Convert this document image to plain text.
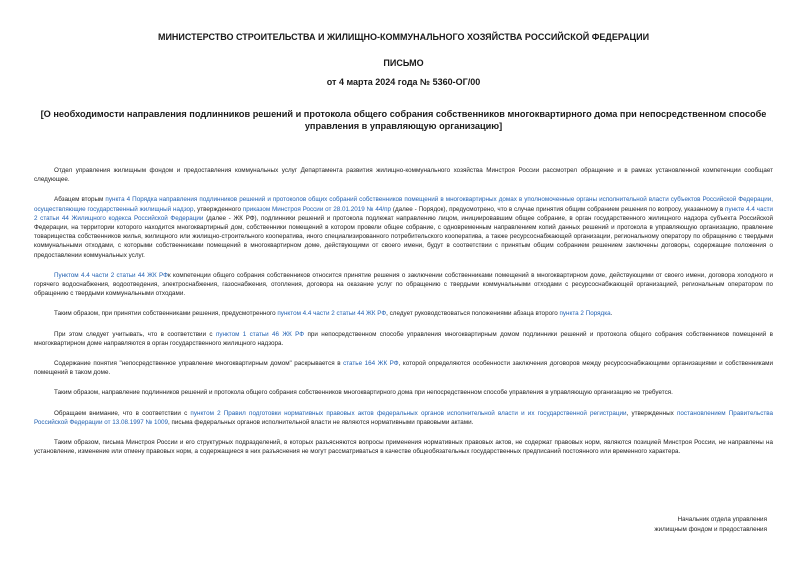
МИНИСТЕРСТВО СТРОИТЕЛЬСТВА И ЖИЛИЩНО-КОММУНАЛЬНОГО ХОЗЯЙСТВА РОССИЙСКОЙ ФЕДЕРАЦИИ
ПИСЬМО
от 4 марта 2024 года № 5360-ОГ/00
[О необходимости направления подлинников решений и протокола общего собрания собственников многоквартирного дома при непосредственном способе управления в управляющую организацию]

Отдел управления жилищным фондом и предоставления коммунальных услуг Департамента развития жилищно-коммунального хозяйства Минстроя России рассмотрел обращение и в рамках установленной компетенции сообщает следующее.

Абзацем вторым пункта 4 Порядка направления подлинников решений и протоколов общих собраний собственников помещений в многоквартирных домах в уполномоченные органы исполнительной власти субъектов Российской Федерации, осуществляющие государственный жилищный надзор, утвержденного приказом Минстроя России от 28.01.2019 № 44/пр (далее - Порядок), предусмотрено, что в случае принятия общим собранием решения по вопросу, указанному в пункте 4.4 части 2 статьи 44 Жилищного кодекса Российской Федерации (далее - ЖК РФ), подлинники решений и протокола подлежат направлению лицом, инициировавшим общее собрание, в орган государственного жилищного надзора субъекта Российской Федерации, на территории которого находится многоквартирный дом, собственники помещений в котором провели общее собрание, с одновременным направлением копий данных решений и протокола в управляющую организацию, правление товарищества собственников жилья, жилищного или жилищно-строительного кооператива, иного специализированного потребительского кооператива, а также ресурсоснабжающей организации, региональному оператору по обращению с твердыми коммунальными отходами, с которыми собственниками помещений в многоквартирном доме, действующими от своего имени, будут в соответствии с принятым общим собранием решением заключены договоры, содержащие положения о предоставлении коммунальных услуг.

Пунктом 4.4 части 2 статьи 44 ЖК РФк компетенции общего собрания собственников относится принятие решения о заключении собственниками помещений в многоквартирном доме, действующими от своего имени, договора холодного и горячего водоснабжения, водоотведения, электроснабжения, газоснабжения, отопления, договора на оказание услуг по обращению с твердыми коммунальными отходами с ресурсоснабжающей организацией, региональным оператором по обращению с твердыми коммунальными отходами.

Таким образом, при принятии собственниками решения, предусмотренного пунктом 4.4 части 2 статьи 44 ЖК РФ, следует руководствоваться положениями абзаца второго пункта 2 Порядка.

При этом следует учитывать, что в соответствии с пунктом 1 статьи 46 ЖК РФ при непосредственном способе управления многоквартирным домом подлинники решений и протокола общего собрания собственников помещений в многоквартирном доме направляются в орган государственного жилищного надзора.

Содержание понятия "непосредственное управление многоквартирным домом" раскрывается в статье 164 ЖК РФ, которой определяются особенности заключения договоров между ресурсоснабжающими организациями и собственниками помещений в таком доме.

Таким образом, направление подлинников решений и протокола общего собрания собственников многоквартирного дома при непосредственном способе управления в управляющую организацию не требуется.

Обращаем внимание, что в соответствии с пунктом 2 Правил подготовки нормативных правовых актов федеральных органов исполнительной власти и их государственной регистрации, утвержденных постановлением Правительства Российской Федерации от 13.08.1997 № 1009, письма федеральных органов исполнительной власти не являются нормативными правовыми актами.

Таким образом, письма Минстроя России и его структурных подразделений, в которых разъясняются вопросы применения нормативных правовых актов, не содержат правовых норм, являются позицией Минстроя России, не направлены на установление, изменение или отмену правовых норм, а содержащиеся в них разъяснения не могут рассматриваться в качестве общеобязательных государственных предписаний постоянного или временного характера.

Начальник отдела управления
жилищным фондом и предоставления
